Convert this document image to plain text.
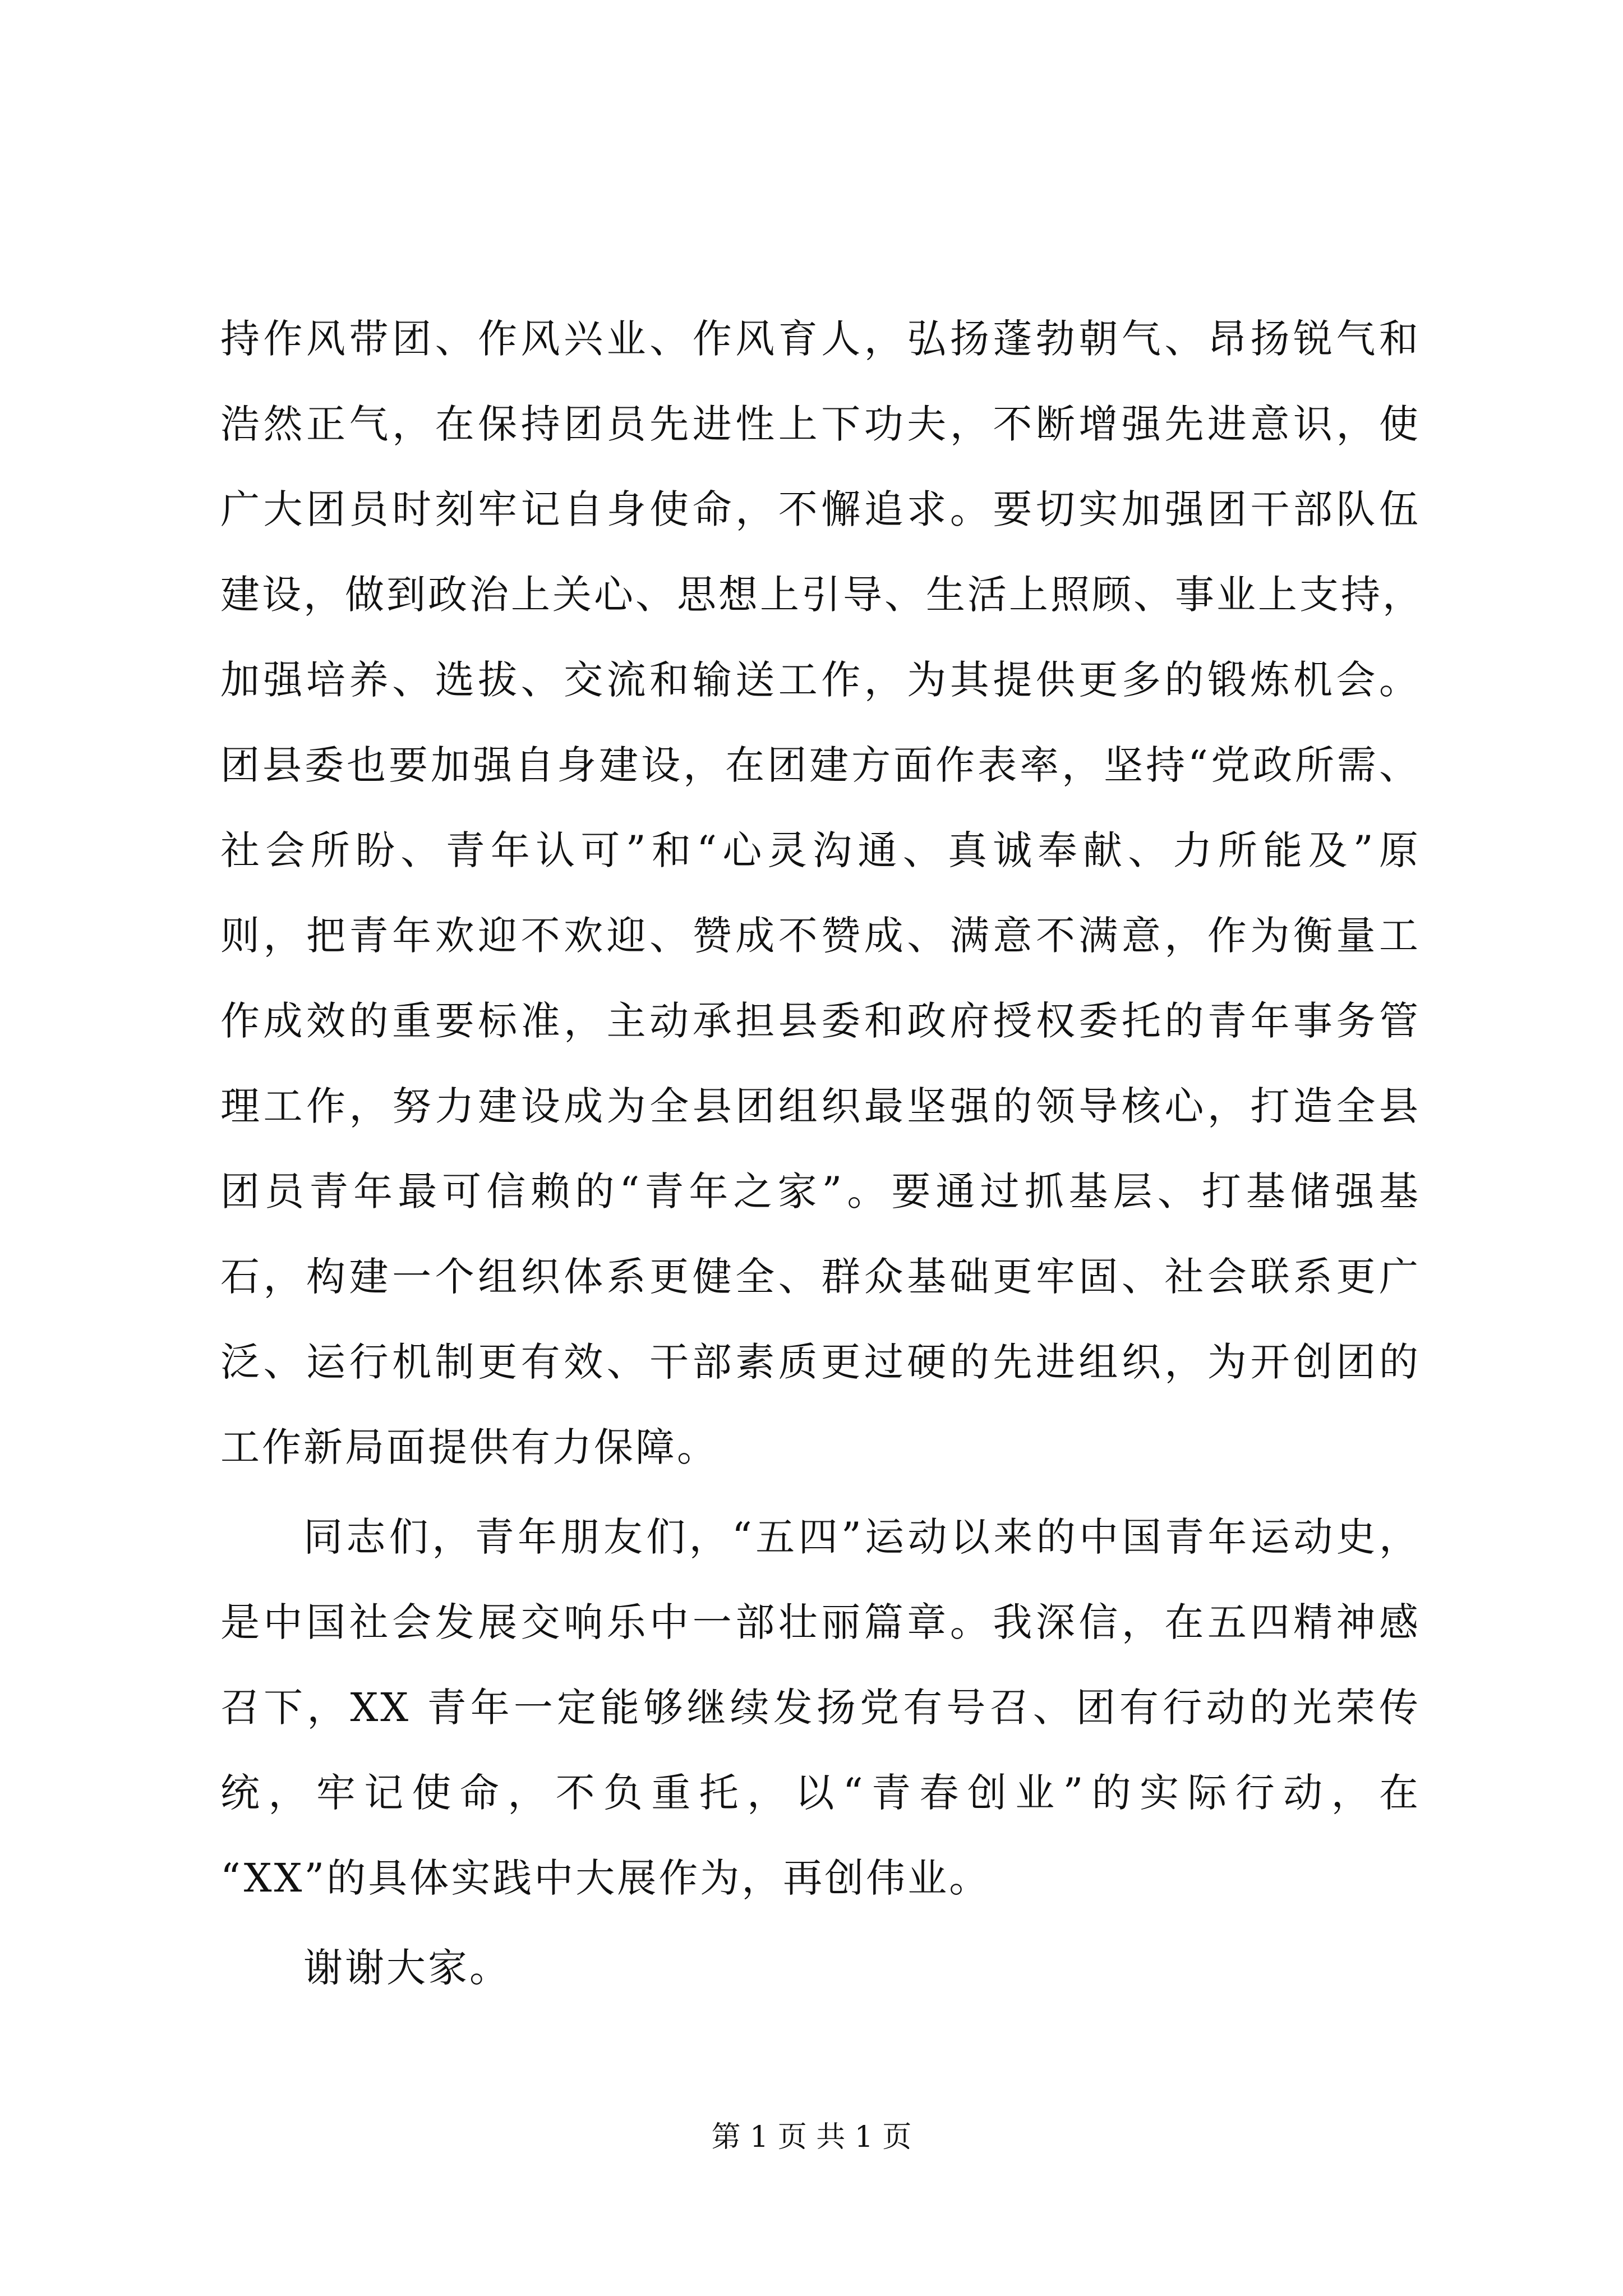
持作风带团、作风兴业、作风育人，弘扬蓬勃朝气、昂扬锐气和
浩然正气，在保持团员先进性上下功夫，不断增强先进意识，使
广大团员时刻牢记自身使命，不懈追求。要切实加强团干部队伍
建设，做到政治上关心、思想上引导、生活上照顾、事业上支持，
加强培养、选拔、交流和输送工作，为其提供更多的锻炼机会。
团县委也要加强自身建设，在团建方面作表率，坚持“党政所需、
社会所盼、青年认可”和“心灵沟通、真诚奉献、力所能及”原
则，把青年欢迎不欢迎、赞成不赞成、满意不满意，作为衡量工
作成效的重要标准，主动承担县委和政府授权委托的青年事务管
理工作，努力建设成为全县团组织最坚强的领导核心，打造全县
团员青年最可信赖的“青年之家”。要通过抓基层、打基储强基
石，构建一个组织体系更健全、群众基础更牢固、社会联系更广
泛、运行机制更有效、干部素质更过硬的先进组织，为开创团的
工作新局面提供有力保障。
同志们，青年朋友们，“五四”运动以来的中国青年运动史，
是中国社会发展交响乐中一部壮丽篇章。我深信，在五四精神感
召下，XX 青年一定能够继续发扬党有号召、团有行动的光荣传
统，牢记使命，不负重托，以“青春创业”的实际行动，在
“XX”的具体实践中大展作为，再创伟业。
谢谢大家。
第 1 页 共 1 页
